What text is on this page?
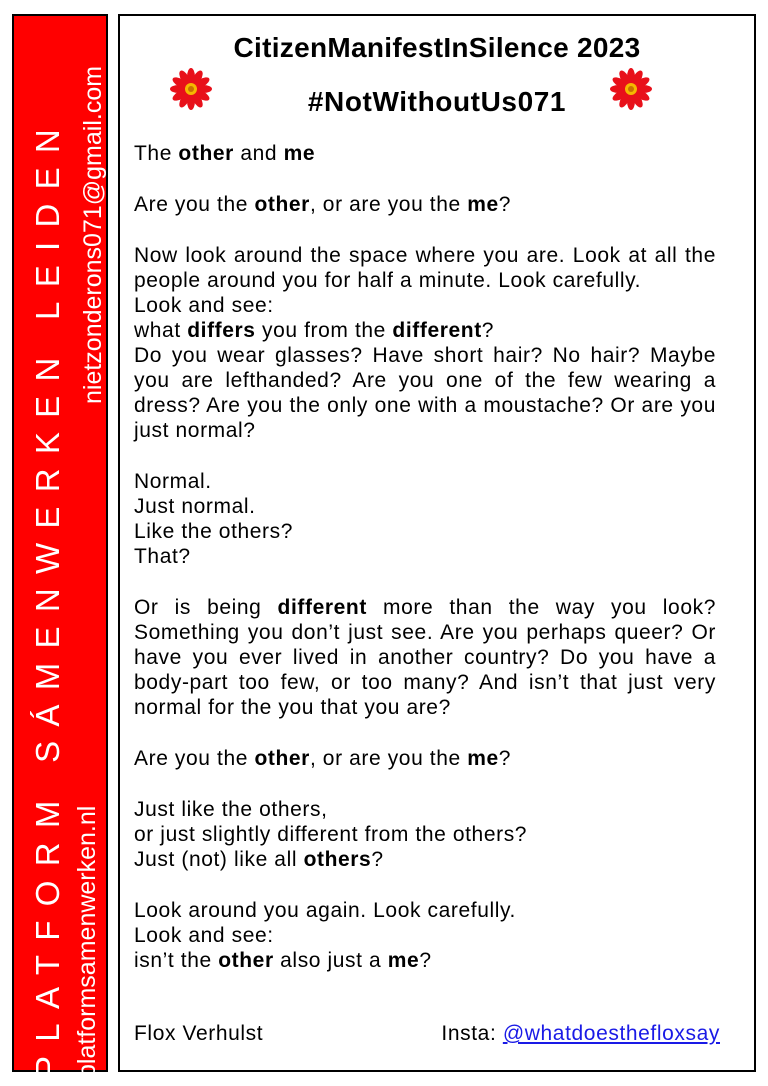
PLATFORM SÁMENWERKEN LEIDEN platformsamenwerken.nl
nietzonderons071@gmail.com
CitizenManifestInSilence 2023
#NotWithoutUs071

The other and me

Are you the other, or are you the me?

Now look around the space where you are. Look at all the people around you for half a minute. Look carefully.
Look and see:
what differs you from the different?
Do you wear glasses? Have short hair? No hair? Maybe you are lefthanded? Are you one of the few wearing a dress? Are you the only one with a moustache? Or are you just normal?

Normal.
Just normal.
Like the others?
That?

Or is being different more than the way you look? Something you don’t just see. Are you perhaps queer? Or have you ever lived in another country? Do you have a body-part too few, or too many? And isn’t that just very normal for the you that you are?

Are you the other, or are you the me?

Just like the others,
or just slightly different from the others?
Just (not) like all others?

Look around you again. Look carefully.
Look and see:
isn’t the other also just a me?

Flox Verhulst	Insta: @whatdoesthefloxsay
